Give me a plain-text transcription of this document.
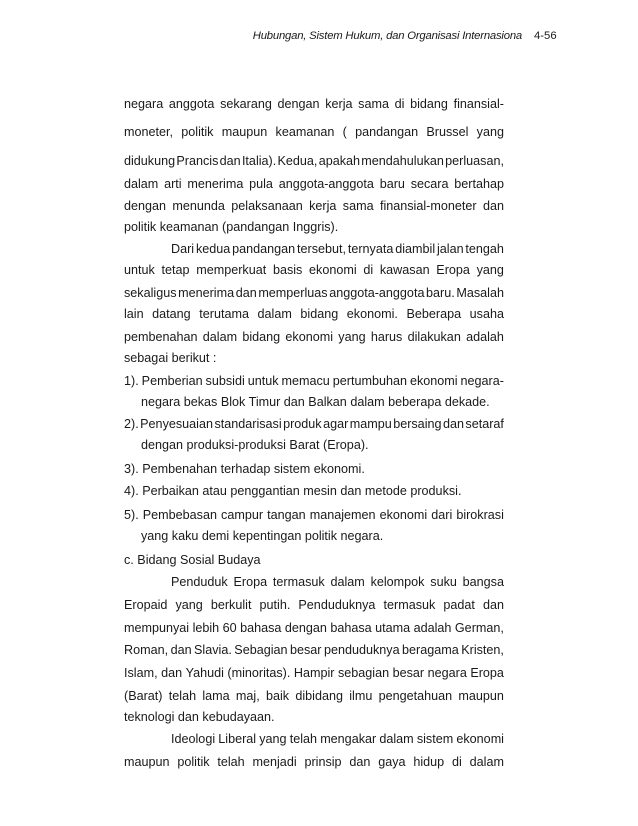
Hubungan, Sistem Hukum, dan Organisasi Internasiona 4-56
negara anggota sekarang dengan kerja sama di bidang finansial-
moneter, politik maupun keamanan ( pandangan Brussel yang
didukung Prancis dan Italia). Kedua, apakah mendahulukan perluasan,
dalam arti menerima pula anggota-anggota baru secara bertahap
dengan menunda pelaksanaan kerja sama finansial-moneter dan
politik keamanan (pandangan Inggris).
Dari kedua pandangan tersebut, ternyata diambil jalan tengah
untuk tetap memperkuat basis ekonomi di kawasan Eropa yang
sekaligus menerima dan memperluas anggota-anggota baru. Masalah
lain datang terutama dalam bidang ekonomi. Beberapa usaha
pembenahan dalam bidang ekonomi yang harus dilakukan adalah
sebagai berikut :
1). Pemberian subsidi untuk memacu pertumbuhan ekonomi negara-
negara bekas Blok Timur dan Balkan dalam beberapa dekade.
2). Penyesuaian standarisasi produk agar mampu bersaing dan setaraf
dengan produksi-produksi Barat (Eropa).
3). Pembenahan terhadap sistem ekonomi.
4). Perbaikan atau penggantian mesin dan metode produksi.
5). Pembebasan campur tangan manajemen ekonomi dari birokrasi
yang kaku demi kepentingan politik negara.
c. Bidang Sosial Budaya
Penduduk Eropa termasuk dalam kelompok suku bangsa
Eropaid yang berkulit putih. Penduduknya termasuk padat dan
mempunyai lebih 60 bahasa dengan bahasa utama adalah German,
Roman, dan Slavia. Sebagian besar penduduknya beragama Kristen,
Islam, dan Yahudi (minoritas). Hampir sebagian besar negara Eropa
(Barat) telah lama maj, baik dibidang ilmu pengetahuan maupun
teknologi dan kebudayaan.
Ideologi Liberal yang telah mengakar dalam sistem ekonomi
maupun politik telah menjadi prinsip dan gaya hidup di dalam
